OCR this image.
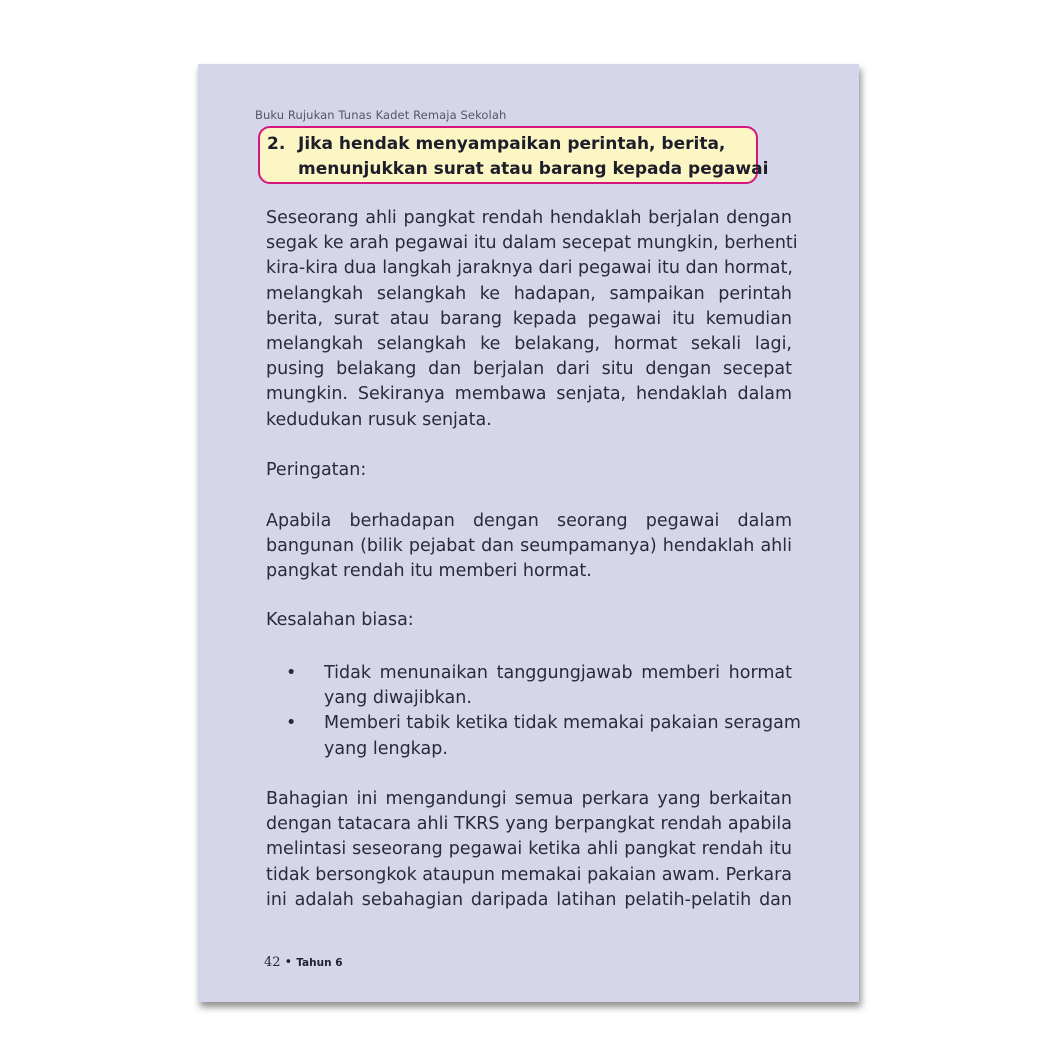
Buku Rujukan Tunas Kadet Remaja Sekolah
2. Jika hendak menyampaikan perintah, berita,
menunjukkan surat atau barang kepada pegawai
Seseorang ahli pangkat rendah hendaklah berjalan dengan
segak ke arah pegawai itu dalam secepat mungkin, berhenti
kira-kira dua langkah jaraknya dari pegawai itu dan hormat,
melangkah selangkah ke hadapan, sampaikan perintah
berita, surat atau barang kepada pegawai itu kemudian
melangkah selangkah ke belakang, hormat sekali lagi,
pusing belakang dan berjalan dari situ dengan secepat
mungkin. Sekiranya membawa senjata, hendaklah dalam
kedudukan rusuk senjata.
Peringatan:
Apabila berhadapan dengan seorang pegawai dalam
bangunan (bilik pejabat dan seumpamanya) hendaklah ahli
pangkat rendah itu memberi hormat.
Kesalahan biasa:
• Tidak menunaikan tanggungjawab memberi hormat
yang diwajibkan.
• Memberi tabik ketika tidak memakai pakaian seragam
yang lengkap.
Bahagian ini mengandungi semua perkara yang berkaitan
dengan tatacara ahli TKRS yang berpangkat rendah apabila
melintasi seseorang pegawai ketika ahli pangkat rendah itu
tidak bersongkok ataupun memakai pakaian awam. Perkara
ini adalah sebahagian daripada latihan pelatih-pelatih dan
42 • Tahun 6
